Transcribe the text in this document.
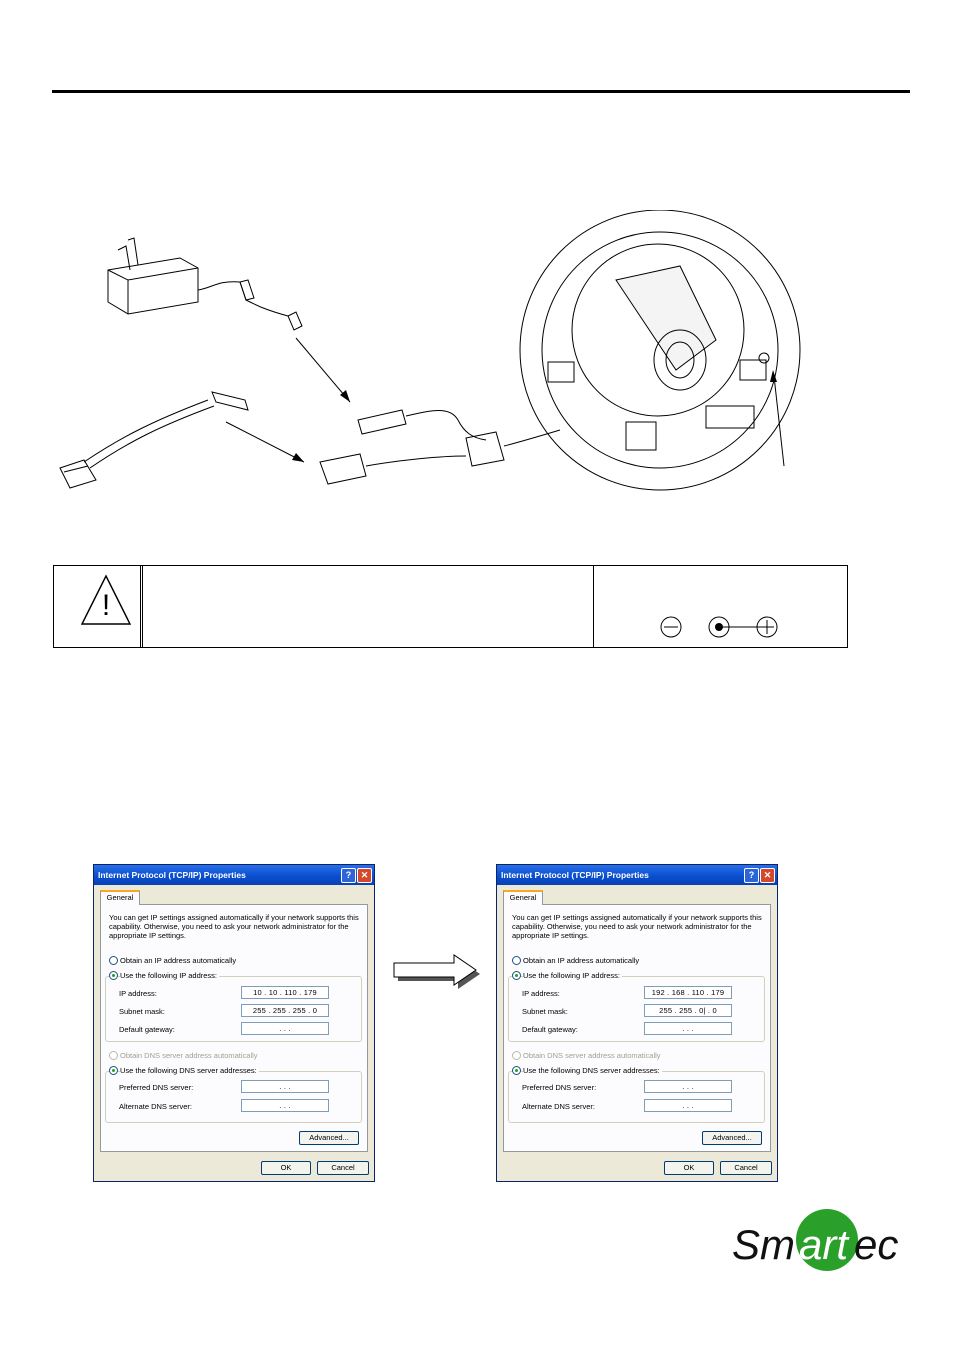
!
Internet Protocol (TCP/IP) Properties	?	✕
General
You can get IP settings assigned automatically if your network supports this capability. Otherwise, you need to ask your network administrator for the appropriate IP settings.
Obtain an IP address automatically
Use the following IP address:
IP address:	10 . 10 . 110 . 179
Subnet mask:	255 . 255 . 255 . 0
Default gateway:	. . .
Obtain DNS server address automatically
Use the following DNS server addresses:
Preferred DNS server:	. . .
Alternate DNS server:	. . .
Advanced...
OK	Cancel
Internet Protocol (TCP/IP) Properties	?	✕
General
You can get IP settings assigned automatically if your network supports this capability. Otherwise, you need to ask your network administrator for the appropriate IP settings.
Obtain an IP address automatically
Use the following IP address:
IP address:	192 . 168 . 110 . 179
Subnet mask:	255 . 255 . 0| . 0
Default gateway:	. . .
Obtain DNS server address automatically
Use the following DNS server addresses:
Preferred DNS server:	. . .
Alternate DNS server:	. . .
Advanced...
OK	Cancel
Sm art ec
